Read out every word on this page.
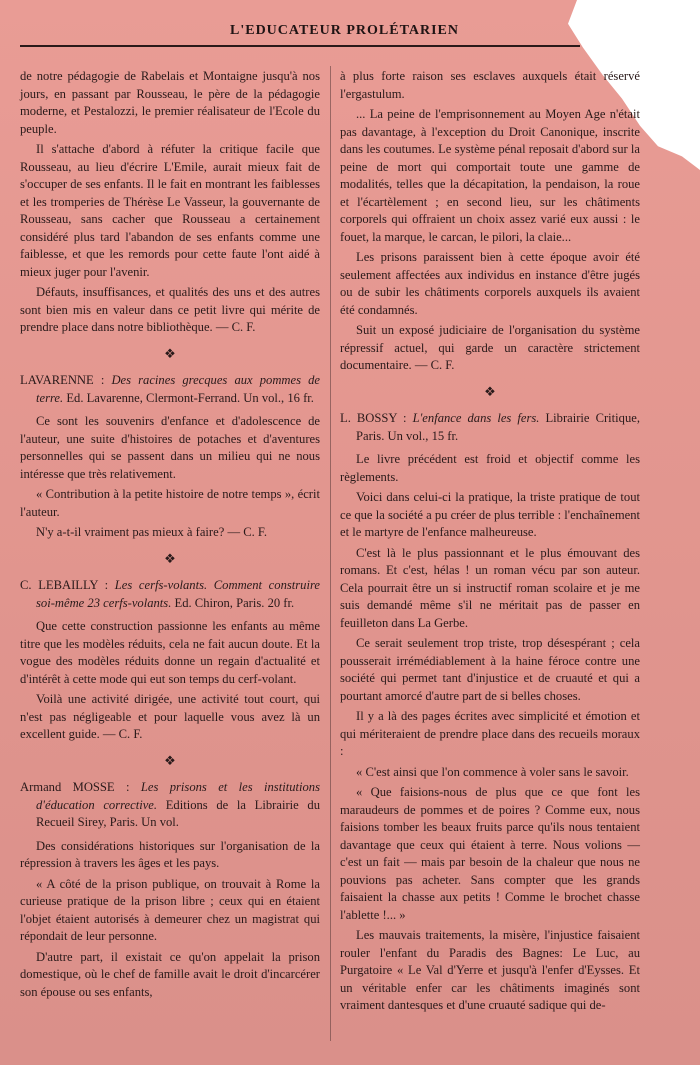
L'EDUCATEUR PROLÉTARIEN

de notre pédagogie de Rabelais et Montaigne jusqu'à nos jours, en passant par Rousseau, le père de la pédagogie moderne, et Pestalozzi, le premier réalisateur de l'Ecole du peuple.

Il s'attache d'abord à réfuter la critique facile que Rousseau, au lieu d'écrire L'Emile, aurait mieux fait de s'occuper de ses enfants. Il le fait en montrant les faiblesses et les tromperies de Thérèse Le Vasseur, la gouvernante de Rousseau, sans cacher que Rousseau a certainement considéré plus tard l'abandon de ses enfants comme une faiblesse, et que les remords pour cette faute l'ont aidé à mieux juger pour l'avenir.

Défauts, insuffisances, et qualités des uns et des autres sont bien mis en valeur dans ce petit livre qui mérite de prendre place dans notre bibliothèque. — C. F.

❖
LAVARENNE : Des racines grecques aux pommes de terre. Ed. Lavarenne, Clermont-Ferrand. Un vol., 16 fr.

Ce sont les souvenirs d'enfance et d'adolescence de l'auteur, une suite d'histoires de potaches et d'aventures personnelles qui se passent dans un milieu qui ne nous intéresse que très relativement.

« Contribution à la petite histoire de notre temps », écrit l'auteur.

N'y a-t-il vraiment pas mieux à faire? — C. F.

❖
C. LEBAILLY : Les cerfs-volants. Comment construire soi-même 23 cerfs-volants. Ed. Chiron, Paris. 20 fr.

Que cette construction passionne les enfants au même titre que les modèles réduits, cela ne fait aucun doute. Et la vogue des modèles réduits donne un regain d'actualité et d'intérêt à cette mode qui eut son temps du cerf-volant.

Voilà une activité dirigée, une activité tout court, qui n'est pas négligeable et pour laquelle vous avez là un excellent guide. — C. F.

❖
Armand MOSSE : Les prisons et les institutions d'éducation corrective. Editions de la Librairie du Recueil Sirey, Paris. Un vol.

Des considérations historiques sur l'organisation de la répression à travers les âges et les pays.

« A côté de la prison publique, on trouvait à Rome la curieuse pratique de la prison libre ; ceux qui en étaient l'objet étaient autorisés à demeurer chez un magistrat qui répondait de leur personne.

D'autre part, il existait ce qu'on appelait la prison domestique, où le chef de famille avait le droit d'incarcérer son épouse ou ses enfants,

à plus forte raison ses esclaves auxquels était réservé l'ergastulum.

... La peine de l'emprisonnement au Moyen Age n'était pas davantage, à l'exception du Droit Canonique, inscrite dans les coutumes. Le système pénal reposait d'abord sur la peine de mort qui comportait toute une gamme de modalités, telles que la décapitation, la pendaison, la roue et l'écartèlement ; en second lieu, sur les châtiments corporels qui offraient un choix assez varié eux aussi : le fouet, la marque, le carcan, le pilori, la claie...

Les prisons paraissent bien à cette époque avoir été seulement affectées aux individus en instance d'être jugés ou de subir les châtiments corporels auxquels ils avaient été condamnés.

Suit un exposé judiciaire de l'organisation du système répressif actuel, qui garde un caractère strictement documentaire. — C. F.

❖
L. BOSSY : L'enfance dans les fers. Librairie Critique, Paris. Un vol., 15 fr.

Le livre précédent est froid et objectif comme les règlements.

Voici dans celui-ci la pratique, la triste pratique de tout ce que la société a pu créer de plus terrible : l'enchaînement et le martyre de l'enfance malheureuse.

C'est là le plus passionnant et le plus émouvant des romans. Et c'est, hélas ! un roman vécu par son auteur. Cela pourrait être un si instructif roman scolaire et je me suis demandé même s'il ne méritait pas de passer en feuilleton dans La Gerbe.

Ce serait seulement trop triste, trop désespérant ; cela pousserait irrémédiablement à la haine féroce contre une société qui permet tant d'injustice et de cruauté et qui a pourtant amorcé d'autre part de si belles choses.

Il y a là des pages écrites avec simplicité et émotion et qui mériteraient de prendre place dans des recueils moraux :

« C'est ainsi que l'on commence à voler sans le savoir.

« Que faisions-nous de plus que ce que font les maraudeurs de pommes et de poires ? Comme eux, nous faisions tomber les beaux fruits parce qu'ils nous tentaient davantage que ceux qui étaient à terre. Nous volions — c'est un fait — mais par besoin de la chaleur que nous ne pouvions pas acheter. Sans compter que les grands faisaient la chasse aux petits ! Comme le brochet chasse l'ablette !... »

Les mauvais traitements, la misère, l'injustice faisaient rouler l'enfant du Paradis des Bagnes: Le Luc, au Purgatoire « Le Val d'Yerre et jusqu'à l'enfer d'Eysses. Et un véritable enfer car les châtiments imaginés sont vraiment dantesques et d'une cruauté sadique qui de-
